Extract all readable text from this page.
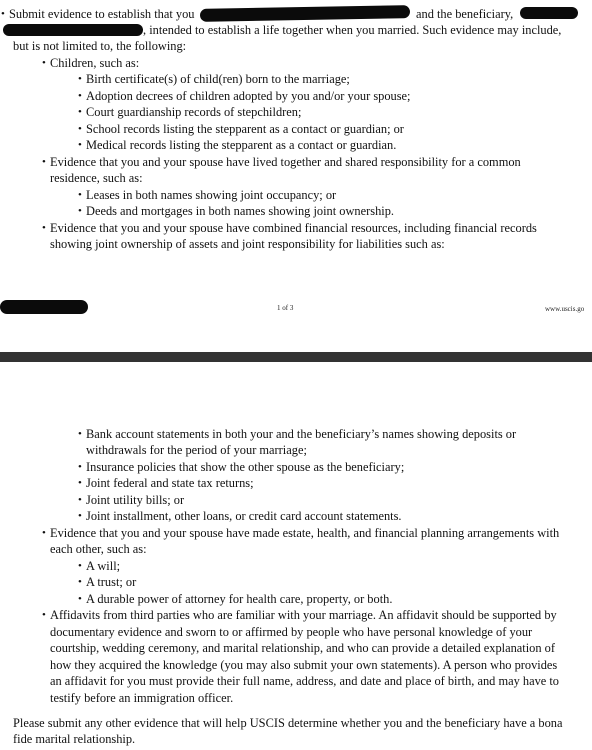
• Submit evidence to establish that you	and the beneficiary,
, intended to establish a life together when you married. Such evidence may include,
but is not limited to, the following:
• Children, such as:
• Birth certificate(s) of child(ren) born to the marriage;
• Adoption decrees of children adopted by you and/or your spouse;
• Court guardianship records of stepchildren;
• School records listing the stepparent as a contact or guardian; or
• Medical records listing the stepparent as a contact or guardian.
• Evidence that you and your spouse have lived together and shared responsibility for a common
residence, such as:
• Leases in both names showing joint occupancy; or
• Deeds and mortgages in both names showing joint ownership.
• Evidence that you and your spouse have combined financial resources, including financial records
showing joint ownership of assets and joint responsibility for liabilities such as:
1 of 3	www.uscis.go
• Bank account statements in both your and the beneficiary’s names showing deposits or
withdrawals for the period of your marriage;
• Insurance policies that show the other spouse as the beneficiary;
• Joint federal and state tax returns;
• Joint utility bills; or
• Joint installment, other loans, or credit card account statements.
• Evidence that you and your spouse have made estate, health, and financial planning arrangements with
each other, such as:
• A will;
• A trust; or
• A durable power of attorney for health care, property, or both.
• Affidavits from third parties who are familiar with your marriage. An affidavit should be supported by
documentary evidence and sworn to or affirmed by people who have personal knowledge of your
courtship, wedding ceremony, and marital relationship, and who can provide a detailed explanation of
how they acquired the knowledge (you may also submit your own statements). A person who provides
an affidavit for you must provide their full name, address, and date and place of birth, and may have to
testify before an immigration officer.
Please submit any other evidence that will help USCIS determine whether you and the beneficiary have a bona
fide marital relationship.
